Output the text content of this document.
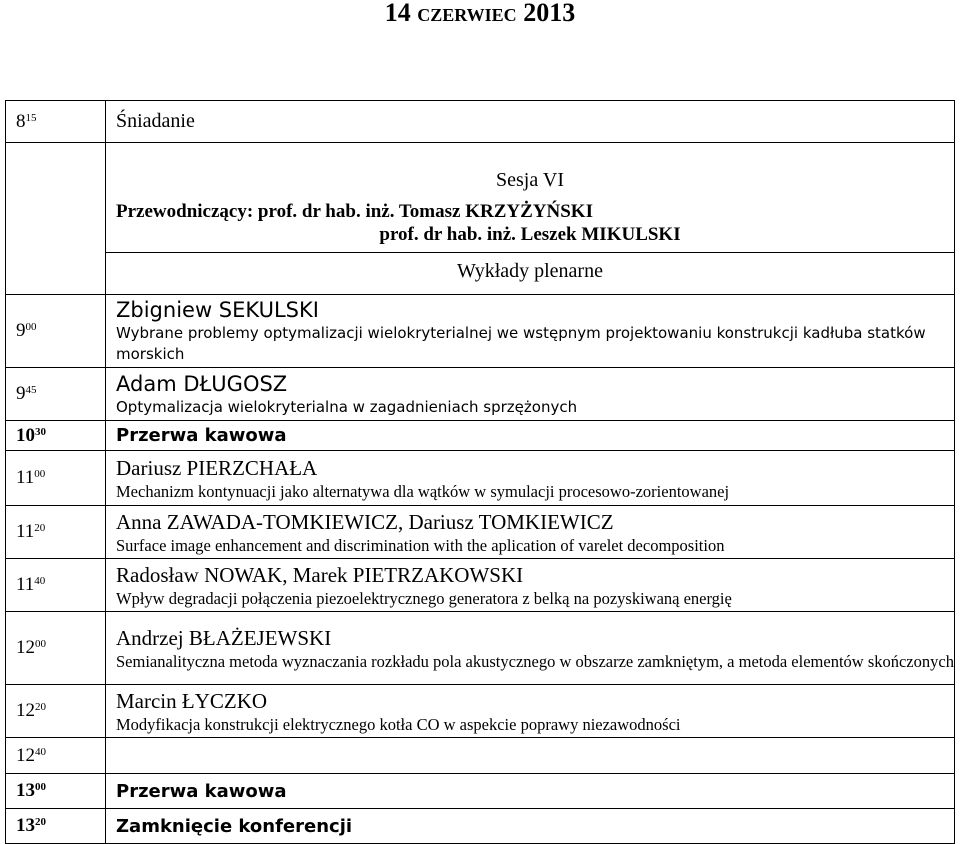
14 czerwiec 2013
$8^{15}$	Śniadanie

	Sesja VI
Przewodniczący: prof. dr hab. inż. Tomasz KRZYŻYŃSKI
prof. dr hab. inż. Leszek MIKULSKI
Wykłady plenarne

$9^{00}$	Zbigniew SEKULSKI
Wybrane problemy optymalizacji wielokryterialnej we wstępnym projektowaniu konstrukcji kadłuba statków morskich

$9^{45}$	Adam DŁUGOSZ
Optymalizacja wielokryterialna w zagadnieniach sprzężonych

$10^{30}$	Przerwa kawowa
$11^{00}$	Dariusz PIERZCHAŁA
Mechanizm kontynuacji jako alternatywa dla wątków w symulacji procesowo-zorientowanej

$11^{20}$	Anna ZAWADA-TOMKIEWICZ, Dariusz TOMKIEWICZ
Surface image enhancement and discrimination with the aplication of varelet decomposition

$11^{40}$	Radosław NOWAK, Marek PIETRZAKOWSKI
Wpływ degradacji połączenia piezoelektrycznego generatora z belką na pozyskiwaną energię

$12^{00}$	Andrzej BŁAŻEJEWSKI
Semianalityczna metoda wyznaczania rozkładu pola akustycznego w obszarze zamkniętym, a metoda elementów skończonych

$12^{20}$	Marcin ŁYCZKO
Modyfikacja konstrukcji elektrycznego kotła CO w aspekcie poprawy niezawodności

$12^{40}$	
$13^{00}$	Przerwa kawowa
$13^{20}$	Zamknięcie konferencji
